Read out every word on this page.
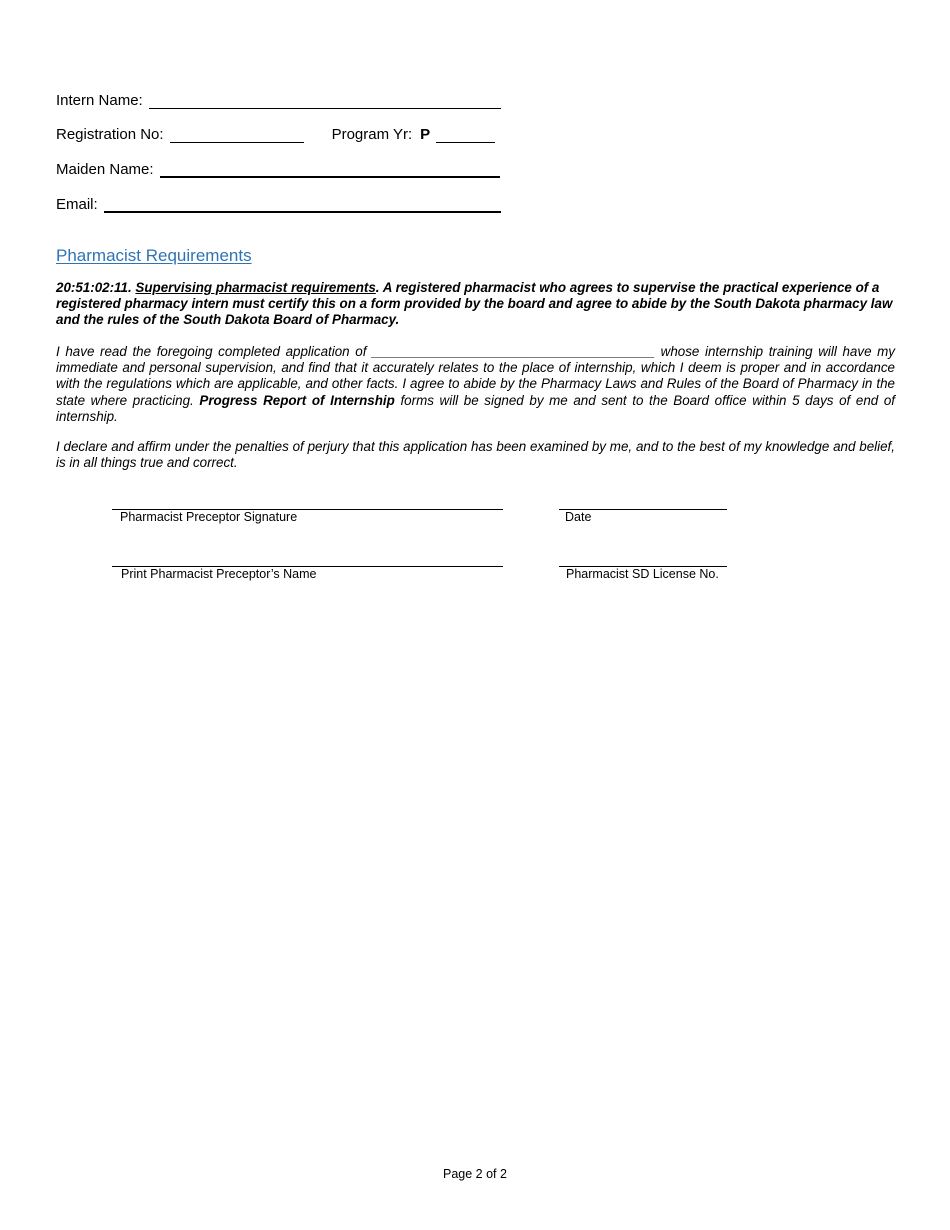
Intern Name:
Registration No:	Program Yr: P
Maiden Name:
Email:
Pharmacist Requirements

20:51:02:11. Supervising pharmacist requirements. A registered pharmacist who agrees to supervise the practical experience of a registered pharmacy intern must certify this on a form provided by the board and agree to abide by the South Dakota pharmacy law and the rules of the South Dakota Board of Pharmacy.

I have read the foregoing completed application of ______________________________________ whose internship training will have my immediate and personal supervision, and find that it accurately relates to the place of internship, which I deem is proper and in accordance with the regulations which are applicable, and other facts. I agree to abide by the Pharmacy Laws and Rules of the Board of Pharmacy in the state where practicing. Progress Report of Internship forms will be signed by me and sent to the Board office within 5 days of end of internship.

I declare and affirm under the penalties of perjury that this application has been examined by me, and to the best of my knowledge and belief, is in all things true and correct.

Pharmacist Preceptor Signature	Date
Print Pharmacist Preceptor’s Name	Pharmacist SD License No.
Page 2 of 2
